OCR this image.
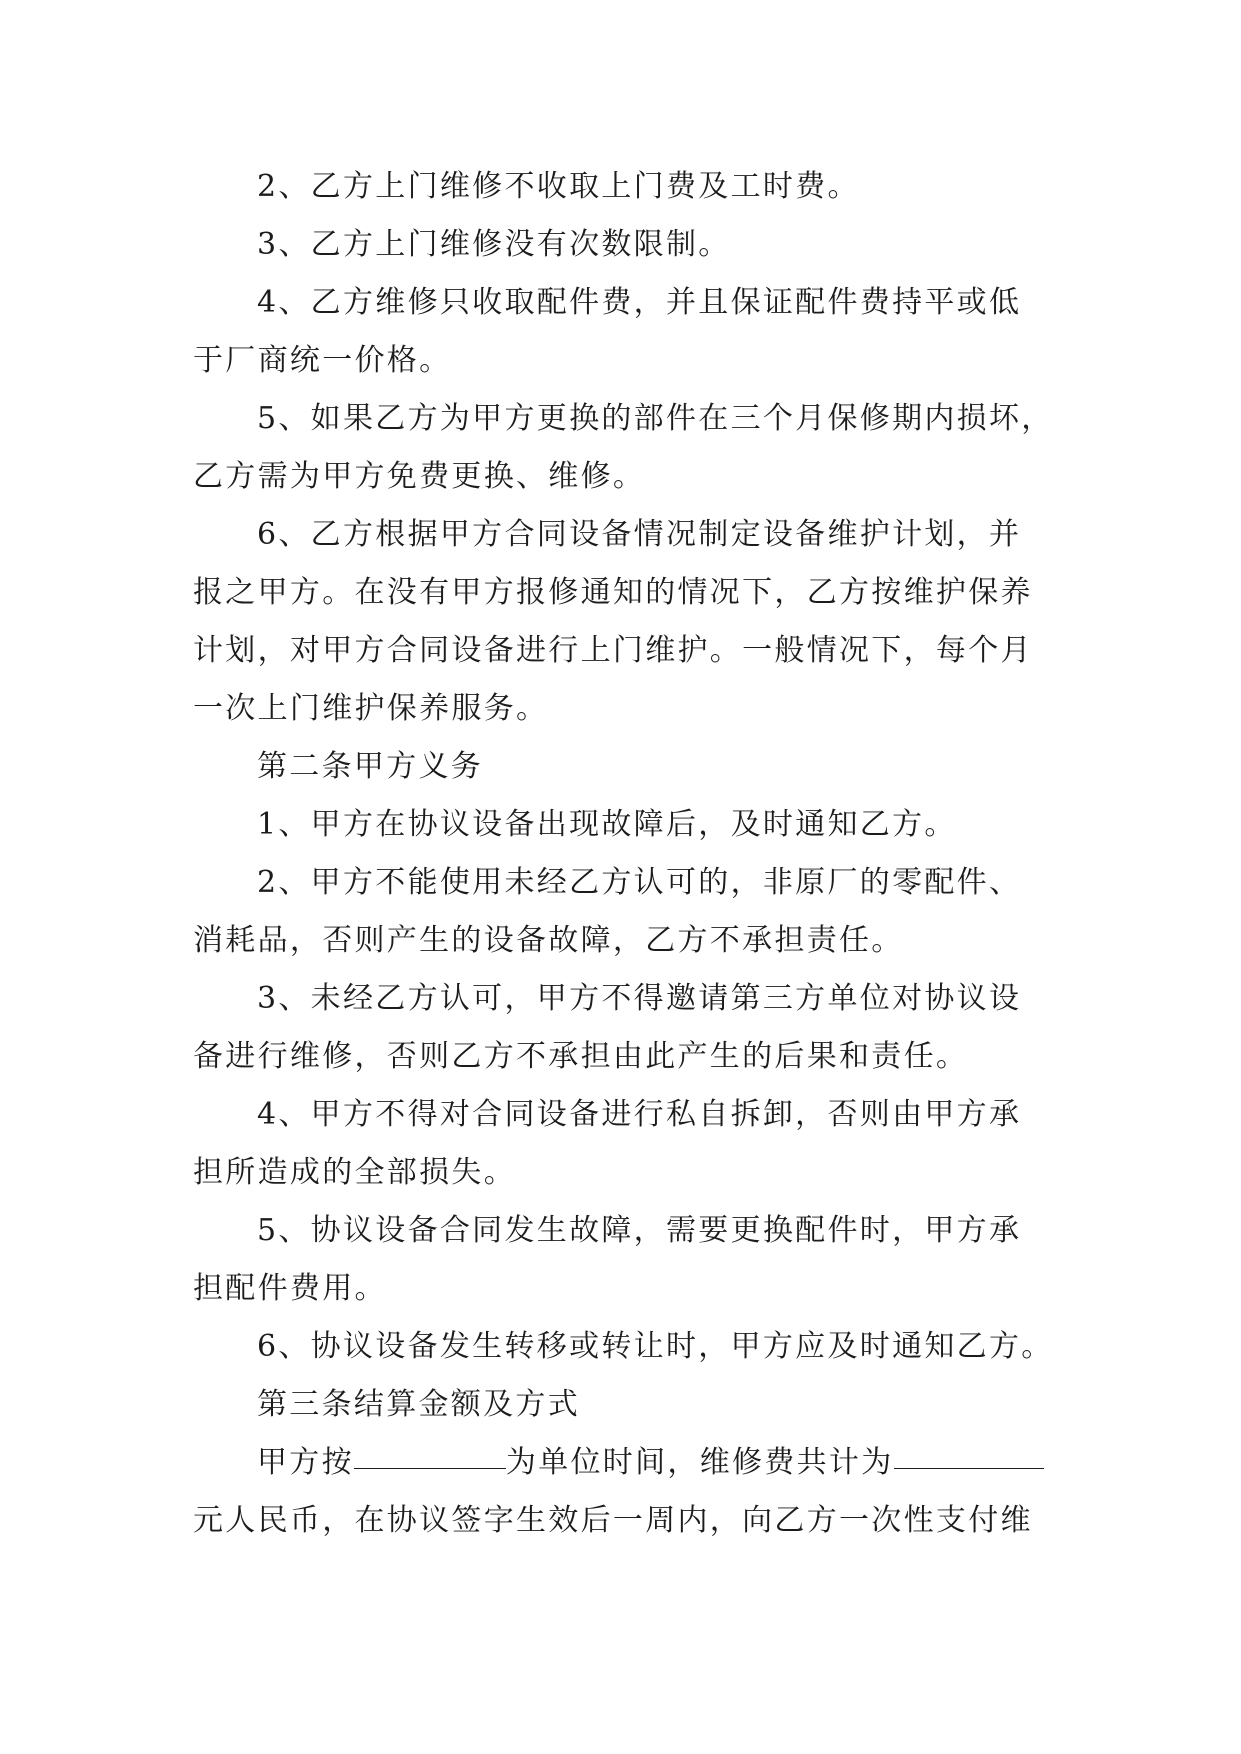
2、乙方上门维修不收取上门费及工时费。
3、乙方上门维修没有次数限制。
4、乙方维修只收取配件费，并且保证配件费持平或低
于厂商统一价格。
5、如果乙方为甲方更换的部件在三个月保修期内损坏，
乙方需为甲方免费更换、维修。
6、乙方根据甲方合同设备情况制定设备维护计划，并
报之甲方。在没有甲方报修通知的情况下，乙方按维护保养
计划，对甲方合同设备进行上门维护。一般情况下，每个月
一次上门维护保养服务。
第二条甲方义务
1、甲方在协议设备出现故障后，及时通知乙方。
2、甲方不能使用未经乙方认可的，非原厂的零配件、
消耗品，否则产生的设备故障，乙方不承担责任。
3、未经乙方认可，甲方不得邀请第三方单位对协议设
备进行维修，否则乙方不承担由此产生的后果和责任。
4、甲方不得对合同设备进行私自拆卸，否则由甲方承
担所造成的全部损失。
5、协议设备合同发生故障，需要更换配件时，甲方承
担配件费用。
6、协议设备发生转移或转让时，甲方应及时通知乙方。
第三条结算金额及方式
甲方按	为单位时间，维修费共计为
元人民币，在协议签字生效后一周内，向乙方一次性支付维
